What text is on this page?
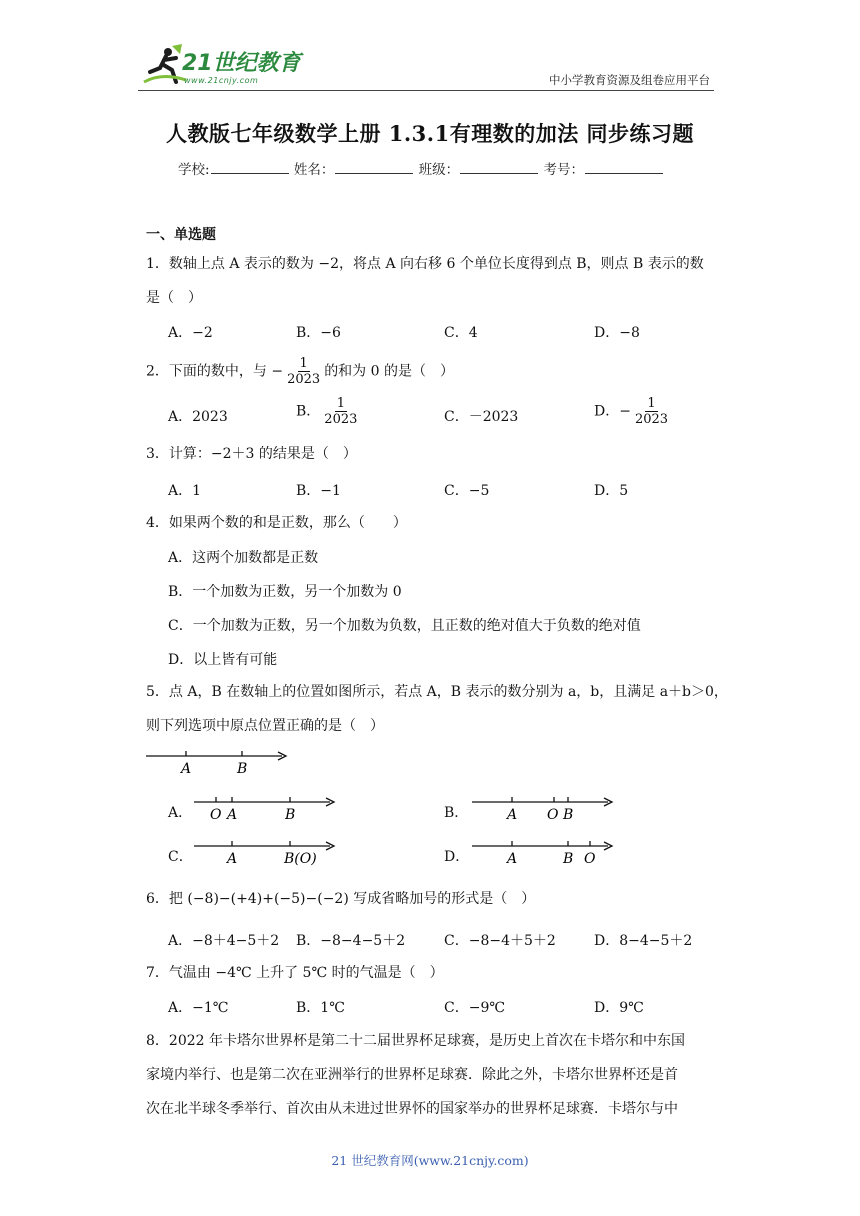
21世纪教育
www.21cnjy.com	中小学教育资源及组卷应用平台
人教版七年级数学上册 1.3.1有理数的加法 同步练习题
学校:	姓名：	班级：	考号：
一、单选题
1．数轴上点 A 表示的数为 −2，将点 A 向右移 6 个单位长度得到点 B，则点 B 表示的数
是（　）
A．−2	B．−6	C．4	D．−8
2．下面的数中，与 − $\frac{1}{2023}$ 的和为 0 的是（　）
A．2023	B． $\frac{1}{2023}$	C．－2023	D．− $\frac{1}{2023}$
3．计算：−2＋3 的结果是（　）
A．1	B．−1	C．−5	D．5
4．如果两个数的和是正数，那么（　　）
A．这两个加数都是正数
B．一个加数为正数，另一个加数为 0
C．一个加数为正数，另一个加数为负数，且正数的绝对值大于负数的绝对值
D．以上皆有可能
5．点 A，B 在数轴上的位置如图所示，若点 A，B 表示的数分别为 a，b，且满足 a＋b＞0，
则下列选项中原点位置正确的是（　）
A	B
A． O A	B	B．	A O B
C． A	B(O)	D．	A	B O
6．把 (−8)−(+4)+(−5)−(−2) 写成省略加号的形式是（　）
A．−8＋4−5＋2 B．−8−4−5＋2	C．−8−4＋5＋2	D．8−4−5＋2
7．气温由 −4℃ 上升了 5℃ 时的气温是（　）
A．−1℃	B．1℃	C．−9℃	D．9℃
8．2022 年卡塔尔世界杯是第二十二届世界杯足球赛，是历史上首次在卡塔尔和中东国
家境内举行、也是第二次在亚洲举行的世界杯足球赛．除此之外，卡塔尔世界杯还是首
次在北半球冬季举行、首次由从未进过世界怀的国家举办的世界杯足球赛．卡塔尔与中
21 世纪教育网(www.21cnjy.com)
